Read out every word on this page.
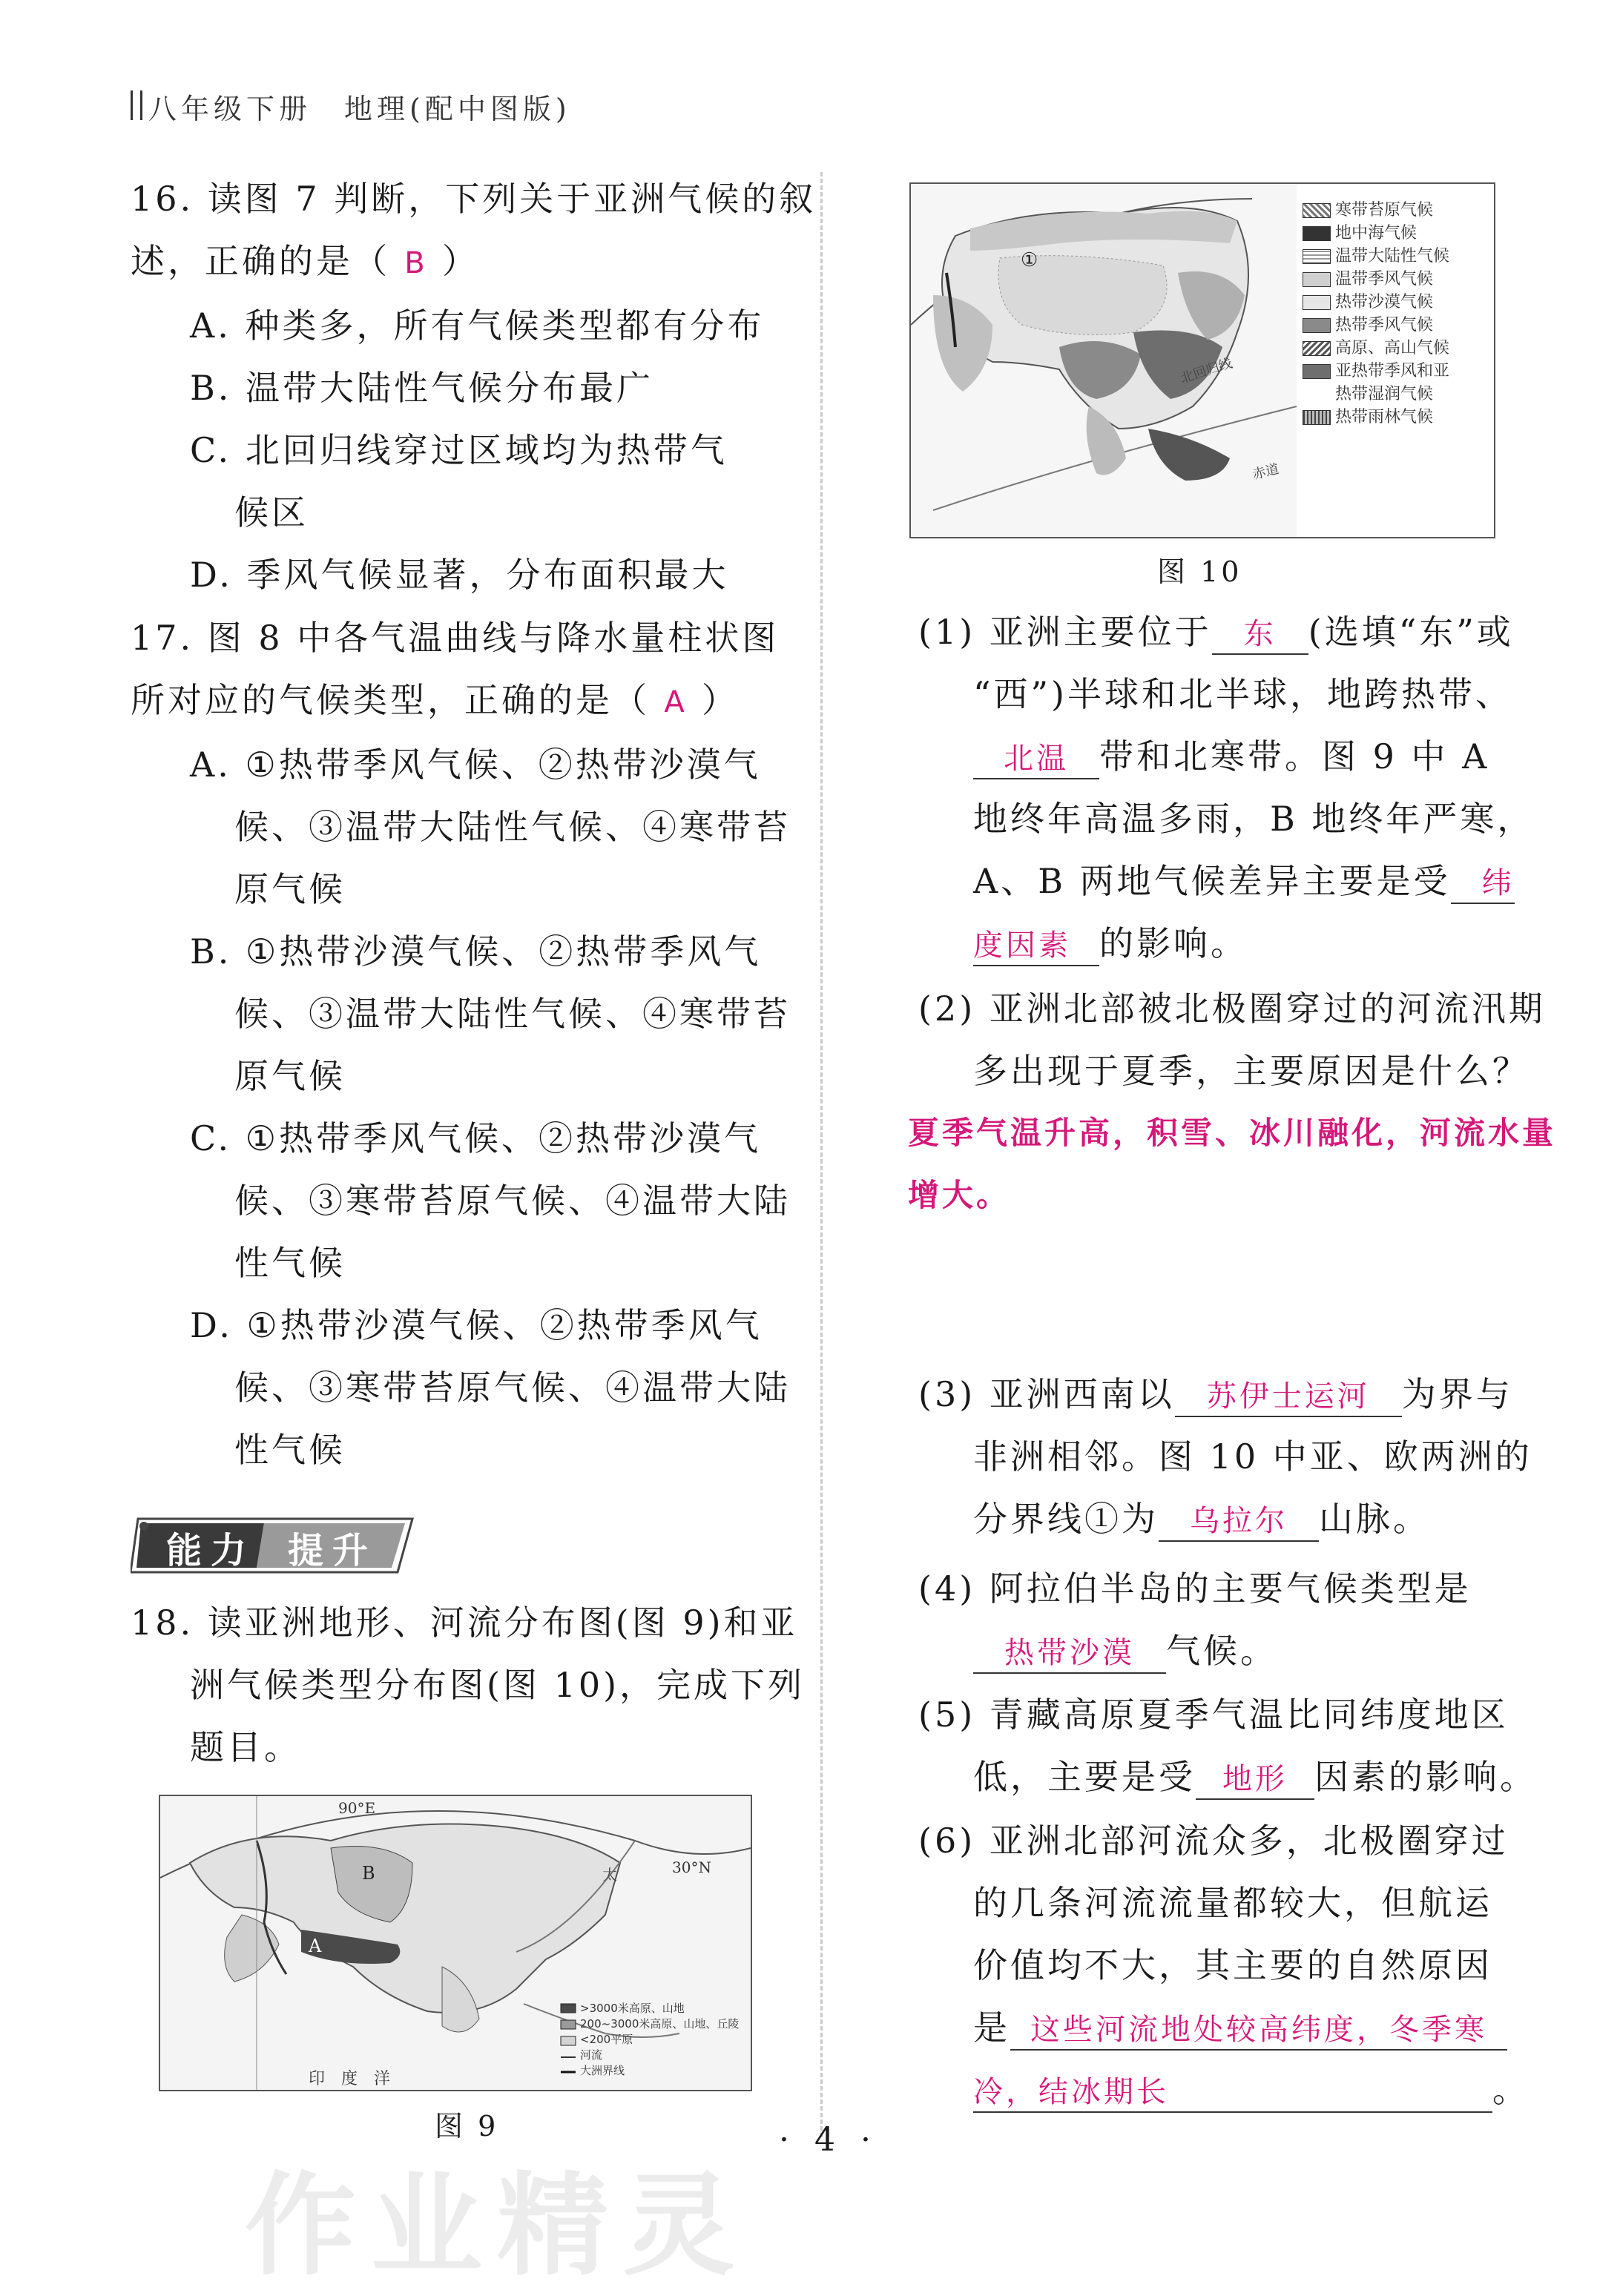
八年级下册　地理(配中图版)
16. 读图 7 判断，下列关于亚洲气候的叙
述，正确的是（ B ）
A. 种类多，所有气候类型都有分布
B. 温带大陆性气候分布最广
C. 北回归线穿过区域均为热带气
候区
D. 季风气候显著，分布面积最大
17. 图 8 中各气温曲线与降水量柱状图
所对应的气候类型，正确的是（ A ）
A. ①热带季风气候、②热带沙漠气
候、③温带大陆性气候、④寒带苔
原气候
B. ①热带沙漠气候、②热带季风气
候、③温带大陆性气候、④寒带苔
原气候
C. ①热带季风气候、②热带沙漠气
候、③寒带苔原气候、④温带大陆
性气候
D. ①热带沙漠气候、②热带季风气
候、③寒带苔原气候、④温带大陆
性气候
能力 提升
18. 读亚洲地形、河流分布图(图 9)和亚
洲气候类型分布图(图 10)，完成下列
题目。
90°E
30°N
B
A
太
印　度　洋
>3000米高原、山地
200~3000米高原、山地、丘陵
<200平原
河流
大洲界线
图 9
①
北回归线
赤道
寒带苔原气候
地中海气候
温带大陆性气候
温带季风气候
热带沙漠气候
热带季风气候
高原、高山气候
亚热带季风和亚
热带湿润气候
热带雨林气候
图 10
(1) 亚洲主要位于 东 (选填“东”或
“西”)半球和北半球，地跨热带、
北温 带和北寒带。图 9 中 A
地终年高温多雨，B 地终年严寒，
A、B 两地气候差异主要是受 纬
度因素 的影响。
(2) 亚洲北部被北极圈穿过的河流汛期
多出现于夏季，主要原因是什么？
夏季气温升高，积雪、冰川融化，河流水量
增大。
(3) 亚洲西南以 苏伊士运河 为界与
非洲相邻。图 10 中亚、欧两洲的
分界线①为 乌拉尔 山脉。
(4) 阿拉伯半岛的主要气候类型是
热带沙漠 气候。
(5) 青藏高原夏季气温比同纬度地区
低，主要是受 地形 因素的影响。
(6) 亚洲北部河流众多，北极圈穿过
的几条河流流量都较大，但航运
价值均不大，其主要的自然原因
是 这些河流地处较高纬度，冬季寒
冷，结冰期长	。
· 4 ·
作业精灵
